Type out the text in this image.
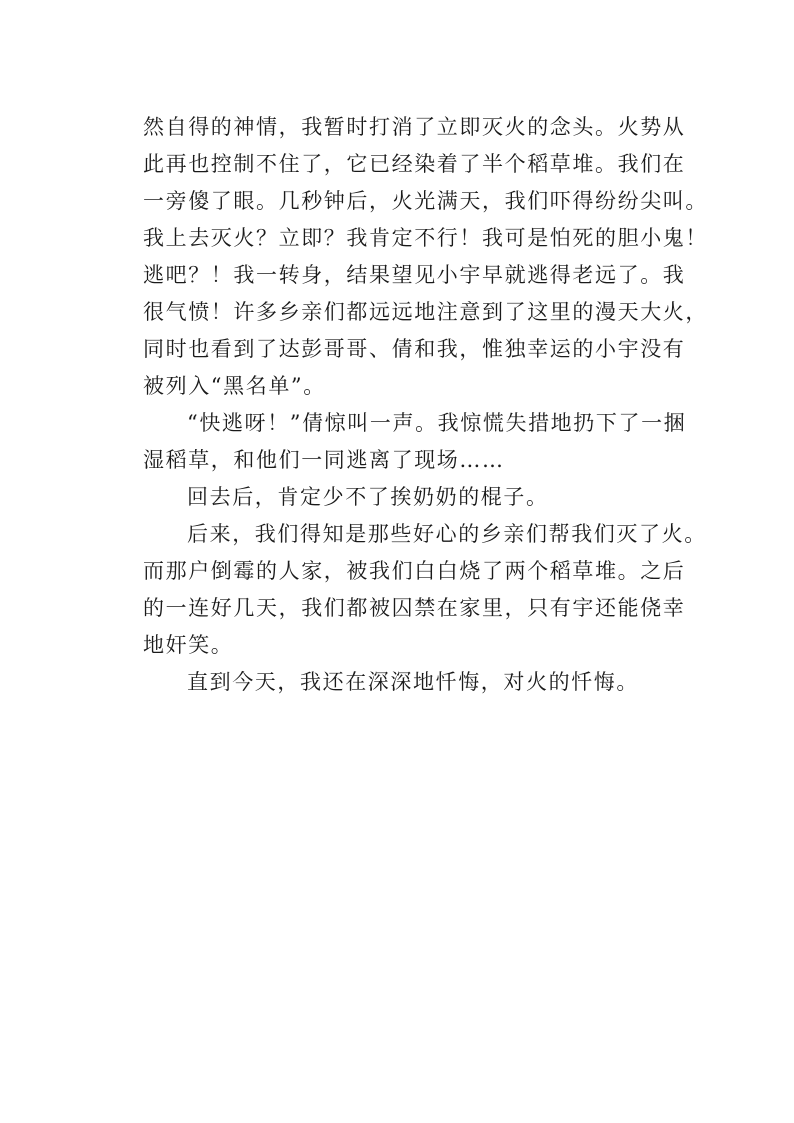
然自得的神情，我暂时打消了立即灭火的念头。火势从
此再也控制不住了，它已经染着了半个稻草堆。我们在
一旁傻了眼。几秒钟后，火光满天，我们吓得纷纷尖叫。
我上去灭火？立即？我肯定不行！我可是怕死的胆小鬼！
逃吧？！我一转身，结果望见小宇早就逃得老远了。我
很气愤！许多乡亲们都远远地注意到了这里的漫天大火，
同时也看到了达彭哥哥、倩和我，惟独幸运的小宇没有
被列入“黑名单”。
“快逃呀！”倩惊叫一声。我惊慌失措地扔下了一捆
湿稻草，和他们一同逃离了现场……
回去后，肯定少不了挨奶奶的棍子。
后来，我们得知是那些好心的乡亲们帮我们灭了火。
而那户倒霉的人家，被我们白白烧了两个稻草堆。之后
的一连好几天，我们都被囚禁在家里，只有宇还能侥幸
地奸笑。
直到今天，我还在深深地忏悔，对火的忏悔。
